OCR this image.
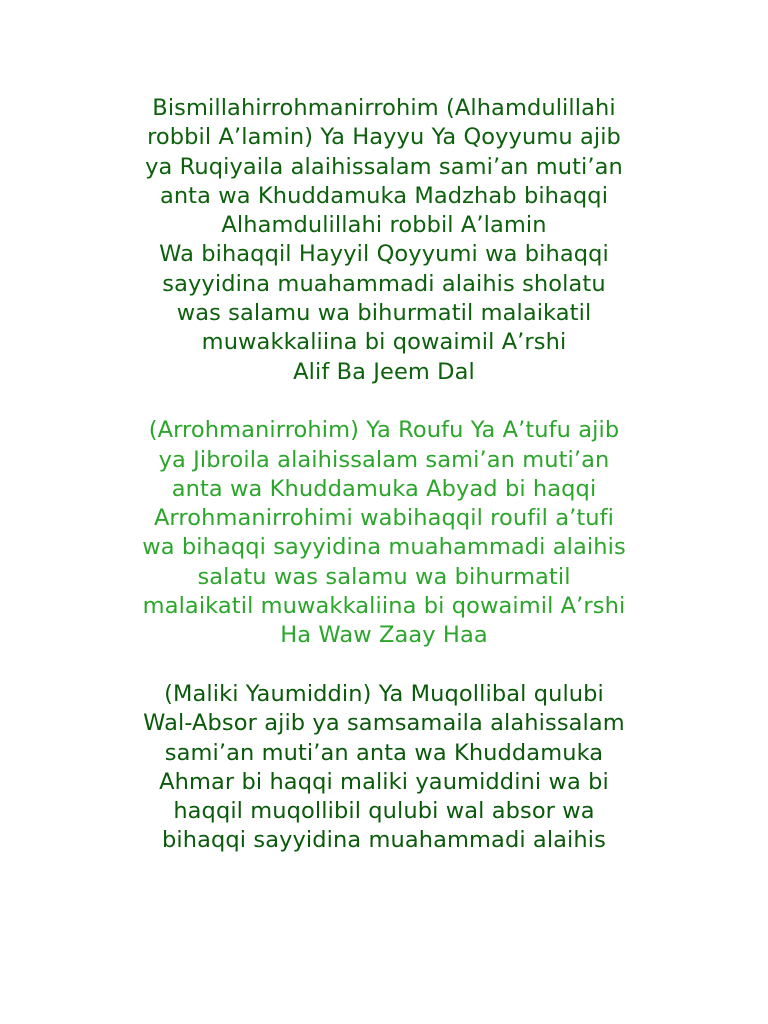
Bismillahirrohmanirrohim (Alhamdulillahi
robbil A’lamin) Ya Hayyu Ya Qoyyumu ajib
ya Ruqiyaila alaihissalam sami’an muti’an
anta wa Khuddamuka Madzhab bihaqqi
Alhamdulillahi robbil A’lamin
Wa bihaqqil Hayyil Qoyyumi wa bihaqqi
sayyidina muahammadi alaihis sholatu
was salamu wa bihurmatil malaikatil
muwakkaliina bi qowaimil A’rshi
Alif Ba Jeem Dal
(Arrohmanirrohim) Ya Roufu Ya A’tufu ajib
ya Jibroila alaihissalam sami’an muti’an
anta wa Khuddamuka Abyad bi haqqi
Arrohmanirrohimi wabihaqqil roufil a’tufi
wa bihaqqi sayyidina muahammadi alaihis
salatu was salamu wa bihurmatil
malaikatil muwakkaliina bi qowaimil A’rshi
Ha Waw Zaay Haa
(Maliki Yaumiddin) Ya Muqollibal qulubi
Wal-Absor ajib ya samsamaila alahissalam
sami’an muti’an anta wa Khuddamuka
Ahmar bi haqqi maliki yaumiddini wa bi
haqqil muqollibil qulubi wal absor wa
bihaqqi sayyidina muahammadi alaihis
